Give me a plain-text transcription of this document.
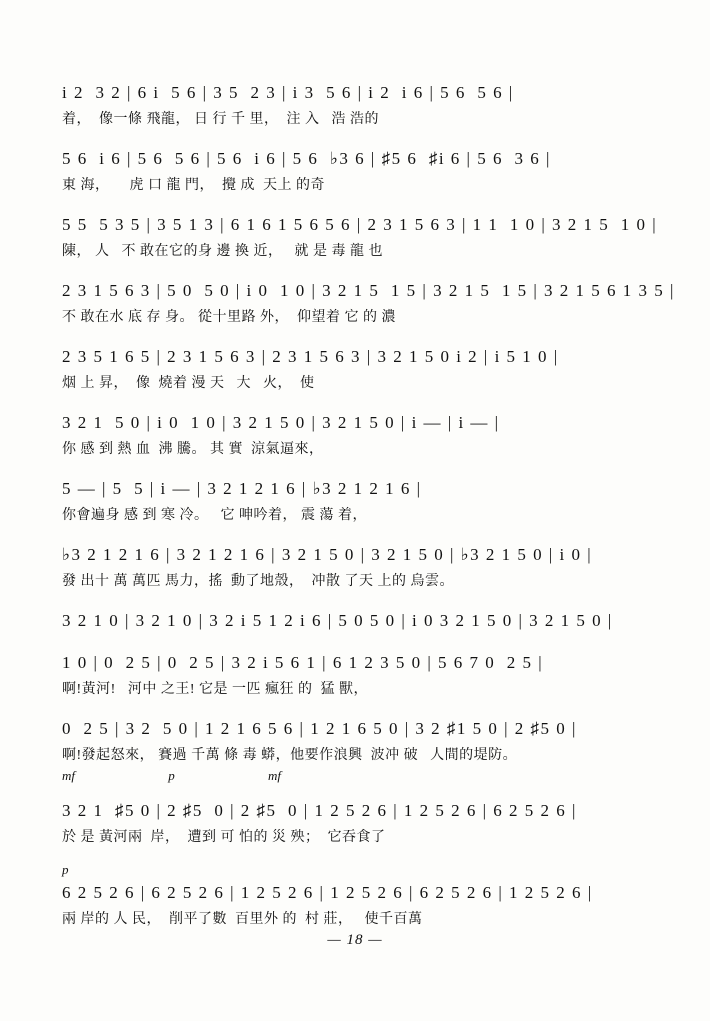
i 2  3 2 | 6 i  5 6 | 3 5  2 3 | i 3  5 6 | i 2  i 6 | 5 6  5 6 |
着，  像一條 飛龍， 日 行 千 里，  注 入   浩 浩的
5 6  i 6 | 5 6  5 6 | 5 6  i 6 | 5 6  ♭3 6 | ♯5 6  ♯i 6 | 5 6  3 6 |
東 海，     虎 口 龍 門，  攪 成  天上 的奇
5 5  5 3 5 | 3 5 1 3 | 6 1 6 1 5 6 5 6 | 2 3 1 5 6 3 | 1 1  1 0 | 3 2 1 5  1 0 |
陳， 人   不 敢在它的身 邊 換 近，   就 是 毒 龍 也
2 3 1 5 6 3 | 5 0  5 0 | i 0  1 0 | 3 2 1 5  1 5 | 3 2 1 5  1 5 | 3 2 1 5 6 1 3 5 |
不 敢在水 底 存 身。 從十里路 外，  仰望着 它 的 濃
2 3 5 1 6 5 | 2 3 1 5 6 3 | 2 3 1 5 6 3 | 3 2 1 5 0 i 2 | i 5 1 0 |
烟 上 昇，  像  燒着 漫 天   大   火，  使
3 2 1  5 0 | i 0  1 0 | 3 2 1 5 0 | 3 2 1 5 0 | i — | i — |
你 感 到 熱 血  沸 騰。 其 實  涼氣逼來，
5 — | 5  5 | i — | 3 2 1 2 1 6 | ♭3 2 1 2 1 6 |
你會遍身 感 到 寒 冷。   它 呻吟着， 震 蕩 着，
♭3 2 1 2 1 6 | 3 2 1 2 1 6 | 3 2 1 5 0 | 3 2 1 5 0 | ♭3 2 1 5 0 | i 0 |
發 出十 萬 萬匹 馬力，搖  動了地殼，  冲散 了天 上的 烏雲。
3 2 1 0 | 3 2 1 0 | 3 2 i 5 1 2 i 6 | 5 0 5 0 | i 0 3 2 1 5 0 | 3 2 1 5 0 |
1 0 | 0  2 5 | 0  2 5 | 3 2 i 5 6 1 | 6 1 2 3 5 0 | 5 6 7 0  2 5 |
啊!黃河!   河中 之王! 它是 一匹 瘋狂 的  猛 獸，
0  2 5 | 3 2  5 0 | 1 2 1 6 5 6 | 1 2 1 6 5 0 | 3 2 ♯1 5 0 | 2 ♯5 0 |
啊!發起怒來， 賽過 千萬 條 毒 蟒，他要作浪興  波冲 破   人間的堤防。
mf	p	mf
3 2 1  ♯5 0 | 2 ♯5  0 | 2 ♯5  0 | 1 2 5 2 6 | 1 2 5 2 6 | 6 2 5 2 6 |
於 是 黃河兩  岸，  遭到 可 怕的 災 殃；  它吞食了
p
6 2 5 2 6 | 6 2 5 2 6 | 1 2 5 2 6 | 1 2 5 2 6 | 6 2 5 2 6 | 1 2 5 2 6 |
兩 岸的 人 民，  削平了數  百里外 的  村 莊，   使千百萬
— 18 —
